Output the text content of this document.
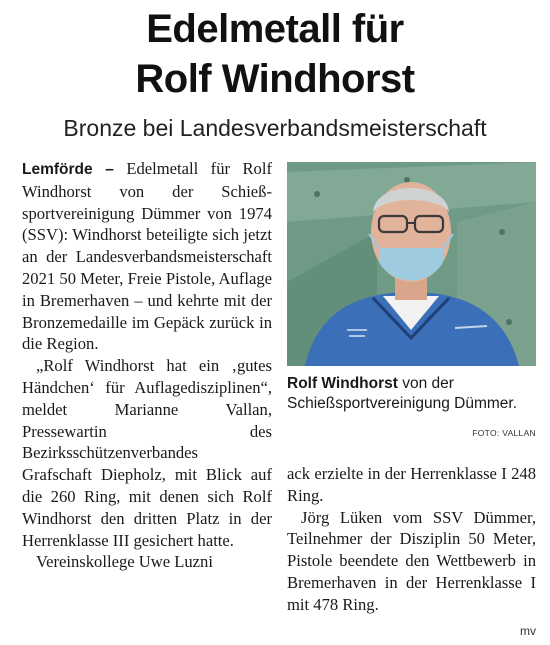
Edelmetall für
Rolf Windhorst
Bronze bei Landesverbandsmeisterschaft

Lemförde – Edelmetall für Rolf Windhorst von der Schießsportvereinigung Dümmer von 1974 (SSV): Windhorst beteiligte sich jetzt an der Landesverbandsmeisterschaft 2021 50 Meter, Freie Pistole, Auflage in Bremerhaven – und kehrte mit der Bronzemedaille im Gepäck zurück in die Region.

„Rolf Windhorst hat ein ‚gutes Händchen‘ für Auflagedisziplinen“, meldet Marianne Vallan, Pressewartin des Bezirksschützenverbandes Grafschaft Diepholz, mit Blick auf die 260 Ring, mit denen sich Rolf Windhorst den dritten Platz in der Herrenklasse III gesichert hatte.

Vereinskollege Uwe Luzni

Rolf Windhorst von der Schießsportvereinigung Dümmer.
FOTO: VALLAN

ack erzielte in der Herrenklasse I 248 Ring.

Jörg Lüken vom SSV Dümmer, Teilnehmer der Disziplin 50 Meter, Pistole beendete den Wettbewerb in Bremerhaven in der Herrenklasse I mit 478 Ring.

mv
